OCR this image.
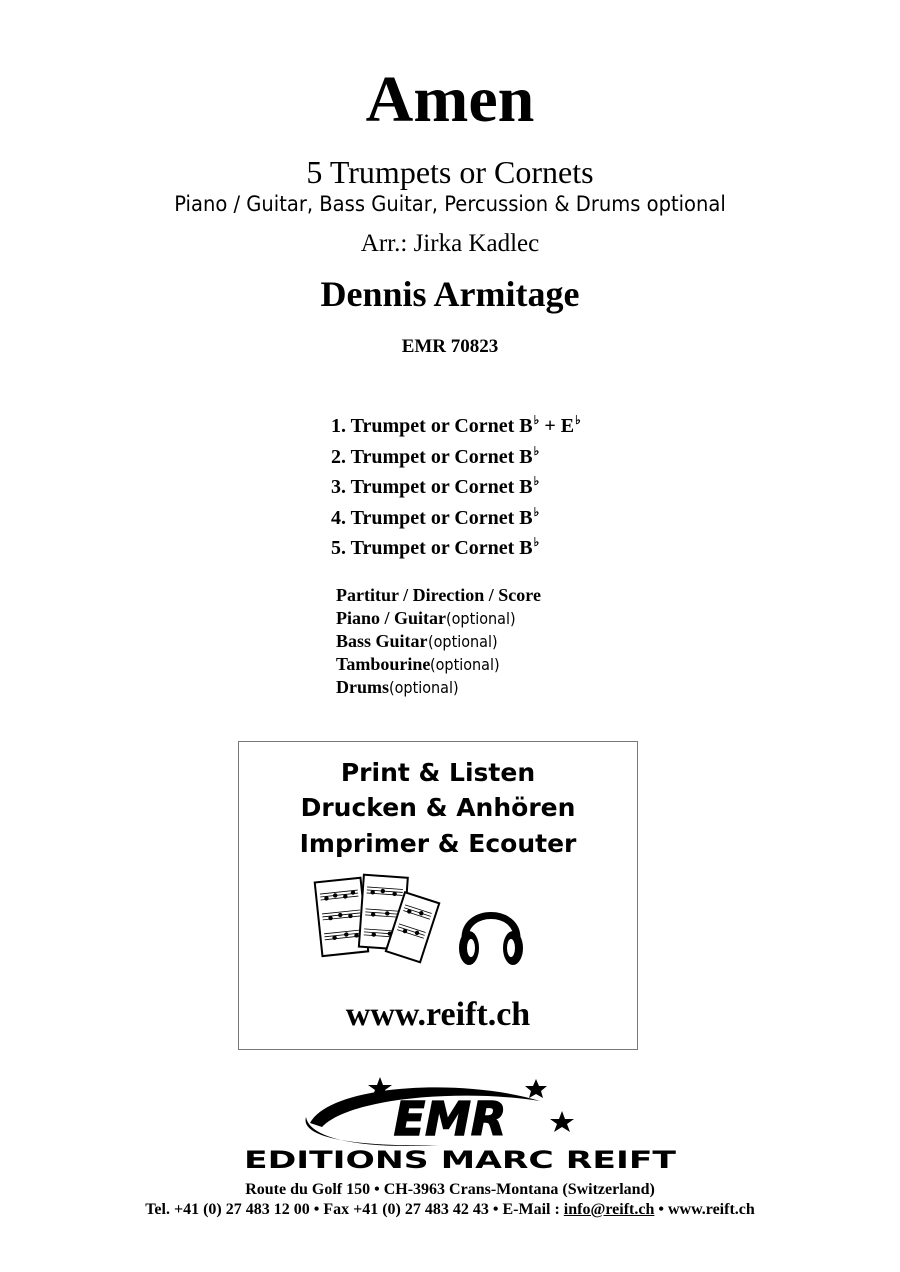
Amen
5 Trumpets or Cornets
Piano / Guitar, Bass Guitar, Percussion & Drums optional
Arr.: Jirka Kadlec
Dennis Armitage
EMR 70823
1. Trumpet or Cornet B♭ + E♭
2. Trumpet or Cornet B♭
3. Trumpet or Cornet B♭
4. Trumpet or Cornet B♭
5. Trumpet or Cornet B♭
Partitur / Direction / Score
Piano / Guitar(optional)
Bass Guitar(optional)
Tambourine(optional)
Drums(optional)
Print & Listen
Drucken & Anhören
Imprimer & Ecouter
www.reift.ch
EMR
EDITIONS MARC REIFT
Route du Golf 150 • CH-3963 Crans-Montana (Switzerland)
Tel. +41 (0) 27 483 12 00 • Fax +41 (0) 27 483 42 43 • E-Mail : info@reift.ch • www.reift.ch
